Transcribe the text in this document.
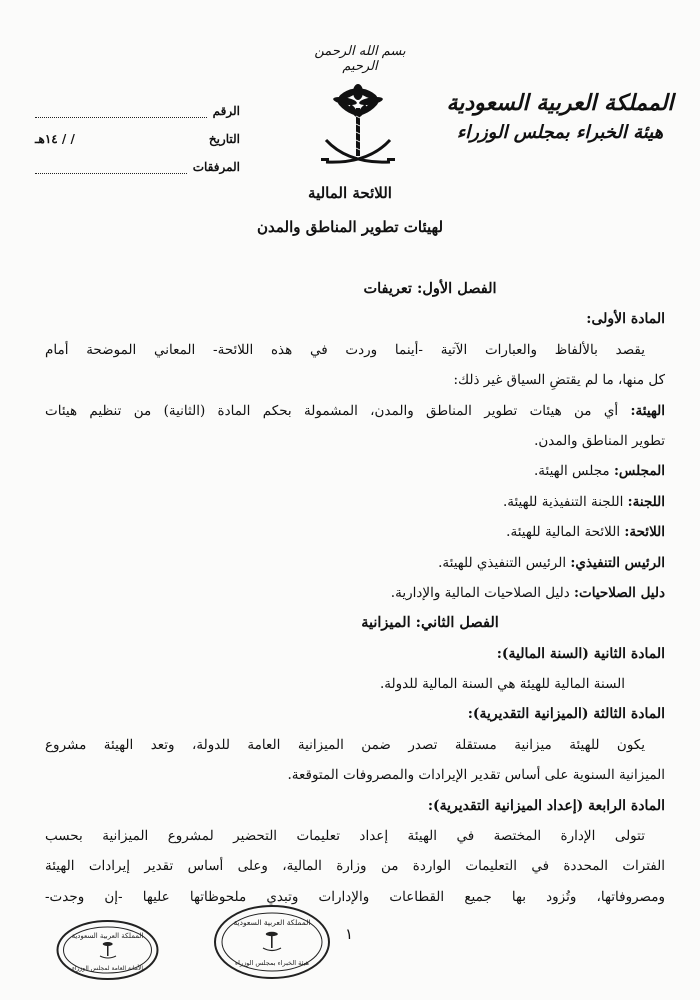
بسم الله الرحمن الرحيم
المملكة العربية السعودية
هيئة الخبراء بمجلس الوزراء
الرقم
التاريخ
/ / ١٤هـ
المرفقات
اللائحة المالية
لهيئات تطوير المناطق والمدن
الفصل الأول: تعريفات
المادة الأولى:
يقصد بالألفاظ والعبارات الآتية -أينما وردت في هذه اللائحة- المعاني الموضحة أمام
كل منها، ما لم يقتضِ السياق غير ذلك:
الهيئة: أي من هيئات تطوير المناطق والمدن، المشمولة بحكم المادة (الثانية) من تنظيم هيئات
تطوير المناطق والمدن.
المجلس: مجلس الهيئة.
اللجنة: اللجنة التنفيذية للهيئة.
اللائحة: اللائحة المالية للهيئة.
الرئيس التنفيذي: الرئيس التنفيذي للهيئة.
دليل الصلاحيات: دليل الصلاحيات المالية والإدارية.
الفصل الثاني: الميزانية
المادة الثانية (السنة المالية):
السنة المالية للهيئة هي السنة المالية للدولة.
المادة الثالثة (الميزانية التقديرية):
يكون للهيئة ميزانية مستقلة تصدر ضمن الميزانية العامة للدولة، وتعد الهيئة مشروع
الميزانية السنوية على أساس تقدير الإيرادات والمصروفات المتوقعة.
المادة الرابعة (إعداد الميزانية التقديرية):
تتولى الإدارة المختصة في الهيئة إعداد تعليمات التحضير لمشروع الميزانية بحسب
الفترات المحددة في التعليمات الواردة من وزارة المالية، وعلى أساس تقدير إيرادات الهيئة
ومصروفاتها، وتُزود بها جميع القطاعات والإدارات وتبدي ملحوظاتها عليها -إن وجدت-
١
المملكة العربية السعودية
الأمانة العامة لمجلس الوزراء
المملكة العربية السعودية
هيئة الخبراء بمجلس الوزراء
